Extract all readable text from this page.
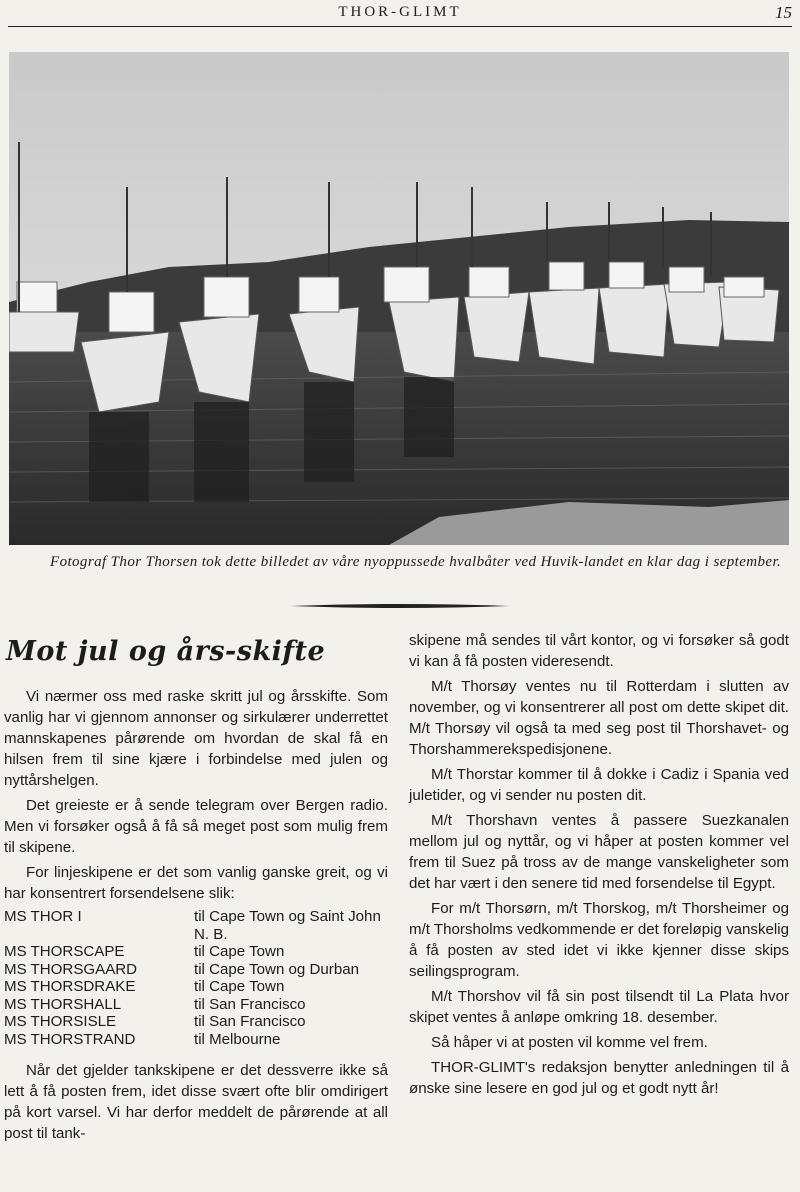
THOR-GLIMT	15
Fotograf Thor Thorsen tok dette billedet av våre nyoppussede hvalbåter ved Huvik-landet en klar dag i september.
Mot jul og års-skifte

Vi nærmer oss med raske skritt jul og årsskifte. Som vanlig har vi gjennom annonser og sirkulærer underrettet mannskapenes pårørende om hvordan de skal få en hilsen frem til sine kjære i forbindelse med julen og nyttårshelgen.

Det greieste er å sende telegram over Bergen radio. Men vi forsøker også å få så meget post som mulig frem til skipene.

For linjeskipene er det som vanlig ganske greit, og vi har konsentrert forsendelsene slik:

MS THOR I	til Cape Town og Saint John N. B.
MS THORSCAPE	til Cape Town
MS THORSGAARD	til Cape Town og Durban
MS THORSDRAKE	til Cape Town
MS THORSHALL	til San Francisco
MS THORSISLE	til San Francisco
MS THORSTRAND	til Melbourne

Når det gjelder tankskipene er det dessverre ikke så lett å få posten frem, idet disse svært ofte blir omdirigert på kort varsel. Vi har derfor meddelt de pårørende at all post til tank-

skipene må sendes til vårt kontor, og vi forsøker så godt vi kan å få posten videresendt.

M/t Thorsøy ventes nu til Rotterdam i slutten av november, og vi konsentrerer all post om dette skipet dit. M/t Thorsøy vil også ta med seg post til Thorshavet- og Thorshammerekspedisjonene.

M/t Thorstar kommer til å dokke i Cadiz i Spania ved juletider, og vi sender nu posten dit.

M/t Thorshavn ventes å passere Suezkanalen mellom jul og nyttår, og vi håper at posten kommer vel frem til Suez på tross av de mange vanskeligheter som det har vært i den senere tid med forsendelse til Egypt.

For m/t Thorsørn, m/t Thorskog, m/t Thorsheimer og m/t Thorsholms vedkommende er det foreløpig vanskelig å få posten av sted idet vi ikke kjenner disse skips seilingsprogram.

M/t Thorshov vil få sin post tilsendt til La Plata hvor skipet ventes å anløpe omkring 18. desember.

Så håper vi at posten vil komme vel frem.

THOR-GLIMT's redaksjon benytter anledningen til å ønske sine lesere en god jul og et godt nytt år!
